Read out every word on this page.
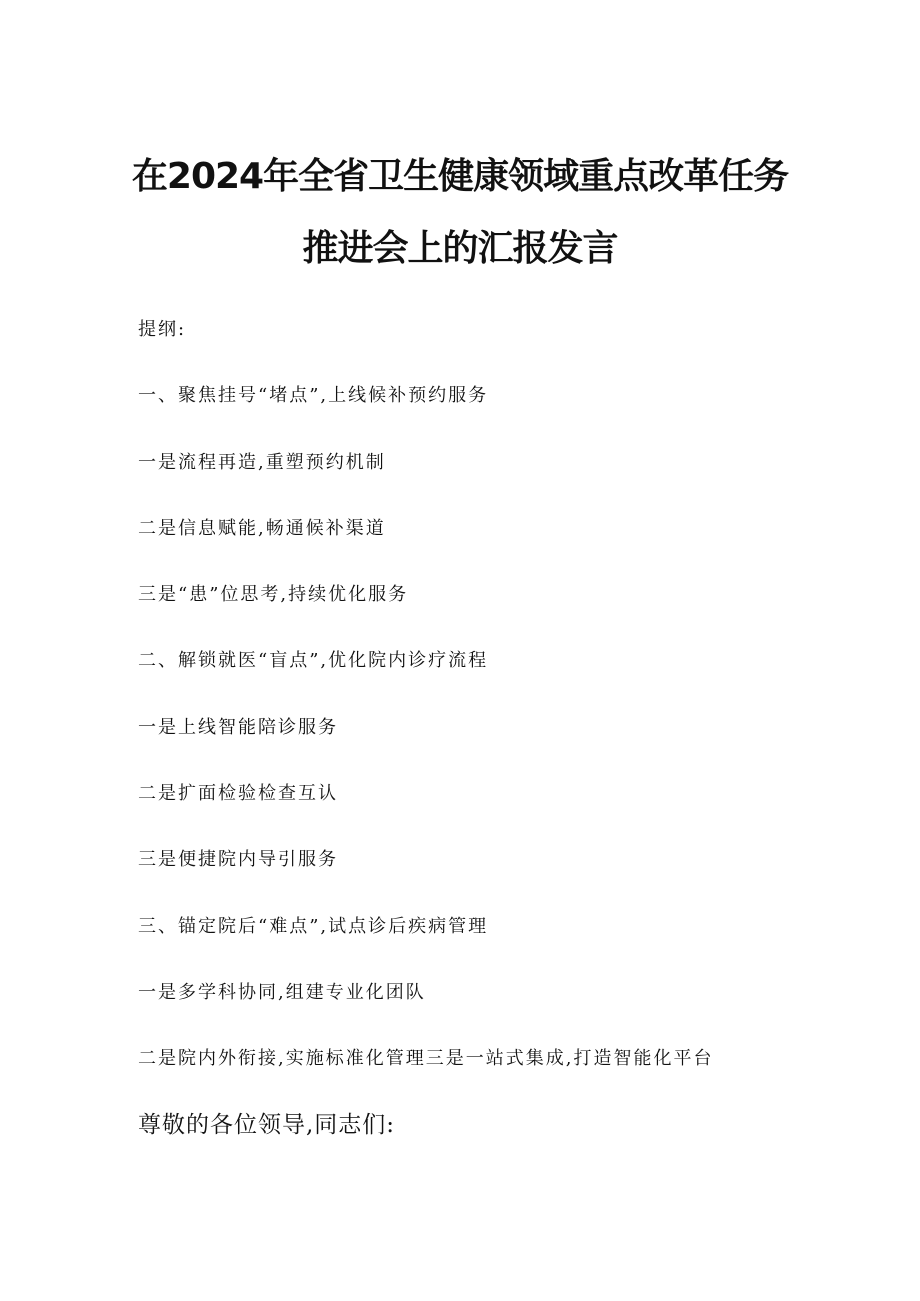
在2024年全省卫生健康领域重点改革任务
推进会上的汇报发言
提纲:
一、聚焦挂号“堵点”,上线候补预约服务
一是流程再造,重塑预约机制
二是信息赋能,畅通候补渠道
三是“患”位思考,持续优化服务
二、解锁就医“盲点”,优化院内诊疗流程
一是上线智能陪诊服务
二是扩面检验检查互认
三是便捷院内导引服务
三、锚定院后“难点”,试点诊后疾病管理
一是多学科协同,组建专业化团队
二是院内外衔接,实施标准化管理三是一站式集成,打造智能化平台
尊敬的各位领导,同志们:
